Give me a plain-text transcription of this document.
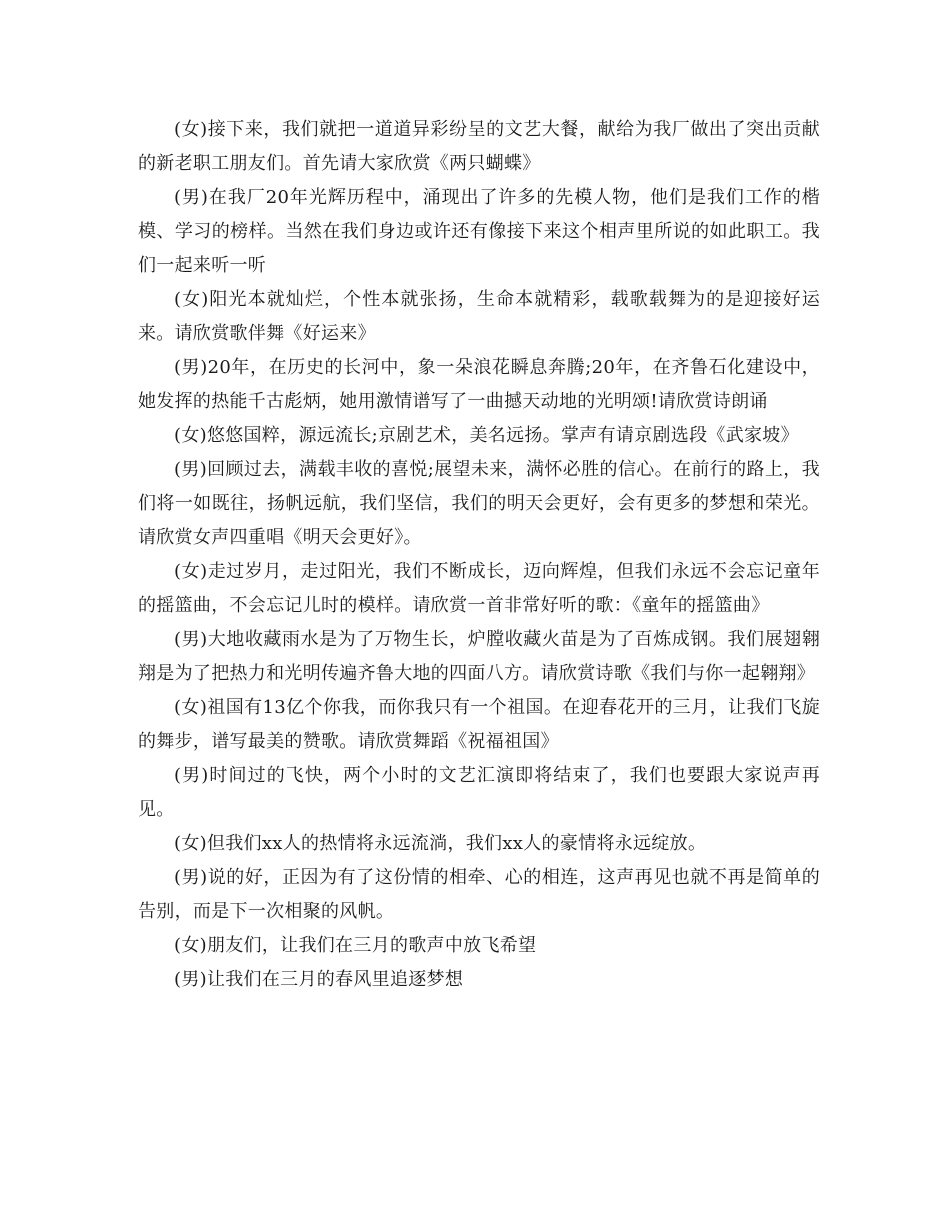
(女)接下来，我们就把一道道异彩纷呈的文艺大餐，献给为我厂做出了突出贡献的新老职工朋友们。首先请大家欣赏《两只蝴蝶》

(男)在我厂20年光辉历程中，涌现出了许多的先模人物，他们是我们工作的楷模、学习的榜样。当然在我们身边或许还有像接下来这个相声里所说的如此职工。我们一起来听一听

(女)阳光本就灿烂，个性本就张扬，生命本就精彩，载歌载舞为的是迎接好运来。请欣赏歌伴舞《好运来》

(男)20年，在历史的长河中，象一朵浪花瞬息奔腾;20年，在齐鲁石化建设中，她发挥的热能千古彪炳，她用激情谱写了一曲撼天动地的光明颂!请欣赏诗朗诵

(女)悠悠国粹，源远流长;京剧艺术，美名远扬。掌声有请京剧选段《武家坡》

(男)回顾过去，满载丰收的喜悦;展望未来，满怀必胜的信心。在前行的路上，我们将一如既往，扬帆远航，我们坚信，我们的明天会更好，会有更多的梦想和荣光。请欣赏女声四重唱《明天会更好》。

(女)走过岁月，走过阳光，我们不断成长，迈向辉煌，但我们永远不会忘记童年的摇篮曲，不会忘记儿时的模样。请欣赏一首非常好听的歌：《童年的摇篮曲》

(男)大地收藏雨水是为了万物生长，炉膛收藏火苗是为了百炼成钢。我们展翅翱翔是为了把热力和光明传遍齐鲁大地的四面八方。请欣赏诗歌《我们与你一起翱翔》

(女)祖国有13亿个你我，而你我只有一个祖国。在迎春花开的三月，让我们飞旋的舞步，谱写最美的赞歌。请欣赏舞蹈《祝福祖国》

(男)时间过的飞快，两个小时的文艺汇演即将结束了，我们也要跟大家说声再见。

(女)但我们xx人的热情将永远流淌，我们xx人的豪情将永远绽放。

(男)说的好，正因为有了这份情的相牵、心的相连，这声再见也就不再是简单的告别，而是下一次相聚的风帆。

(女)朋友们，让我们在三月的歌声中放飞希望

(男)让我们在三月的春风里追逐梦想
